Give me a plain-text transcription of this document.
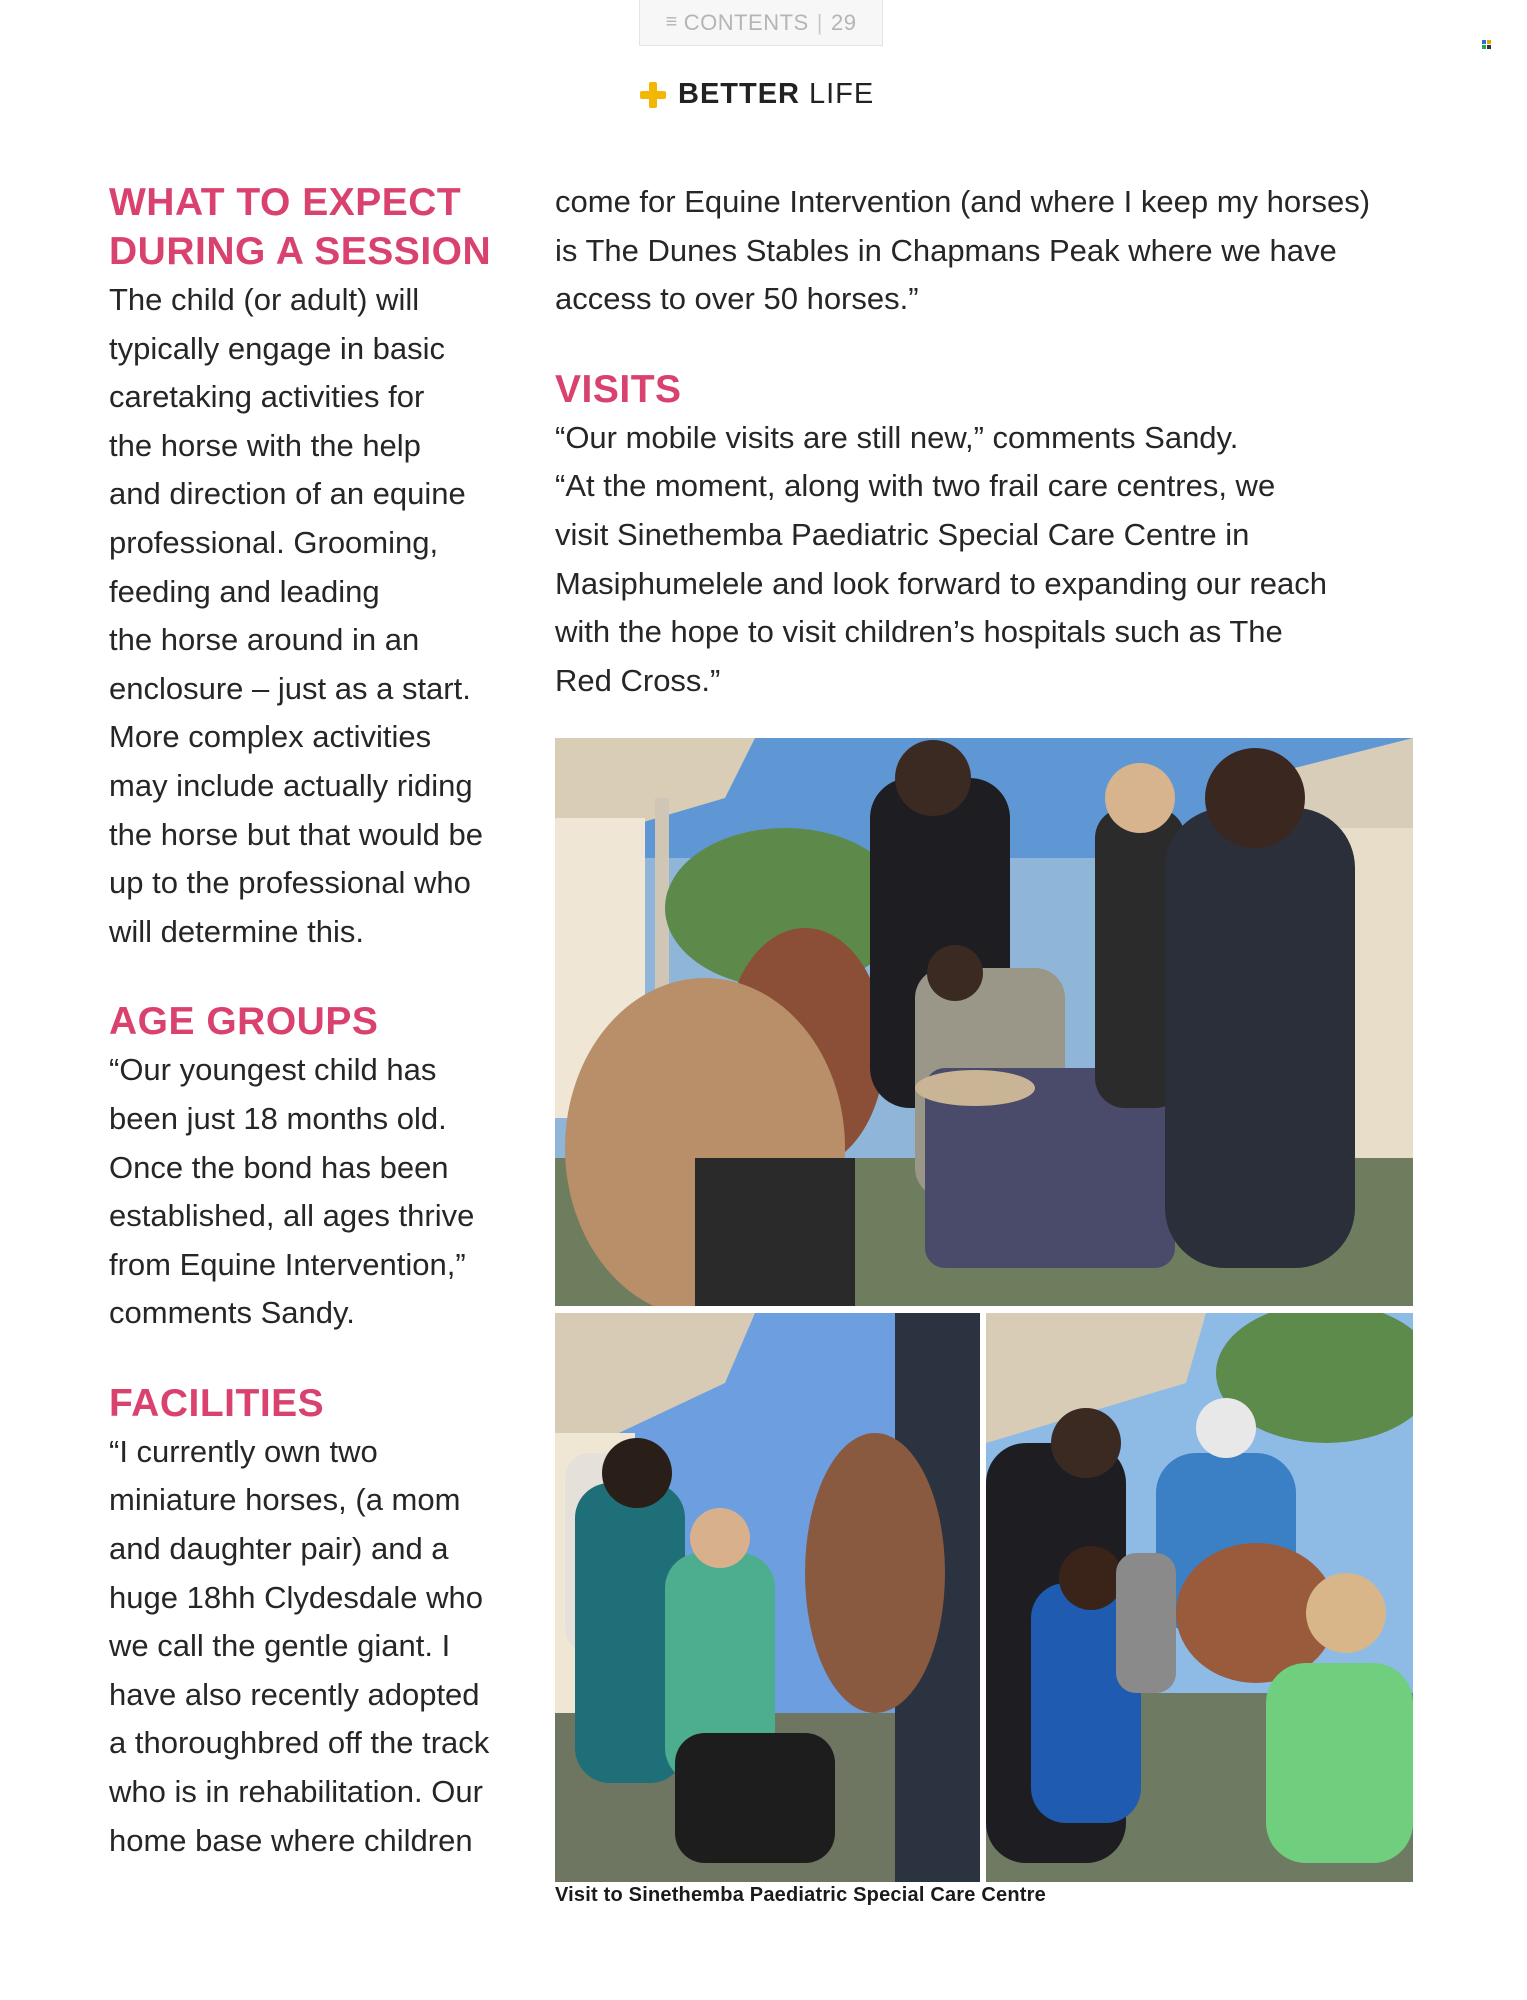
≡ CONTENTS | 29
BETTER LIFE
WHAT TO EXPECT
DURING A SESSION

The child (or adult) will
typically engage in basic
caretaking activities for
the horse with the help
and direction of an equine
professional. Grooming,
feeding and leading
the horse around in an
enclosure – just as a start.
More complex activities
may include actually riding
the horse but that would be
up to the professional who
will determine this.

AGE GROUPS

“Our youngest child has
been just 18 months old.
Once the bond has been
established, all ages thrive
from Equine Intervention,”
comments Sandy.

FACILITIES

“I currently own two
miniature horses, (a mom
and daughter pair) and a
huge 18hh Clydesdale who
we call the gentle giant. I
have also recently adopted
a thoroughbred off the track
who is in rehabilitation. Our
home base where children

come for Equine Intervention (and where I keep my horses)
is The Dunes Stables in Chapmans Peak where we have
access to over 50 horses.”

VISITS

“Our mobile visits are still new,” comments Sandy.
“At the moment, along with two frail care centres, we
visit Sinethemba Paediatric Special Care Centre in
Masiphumelele and look forward to expanding our reach
with the hope to visit children’s hospitals such as The
Red Cross.”

Visit to Sinethemba Paediatric Special Care Centre
